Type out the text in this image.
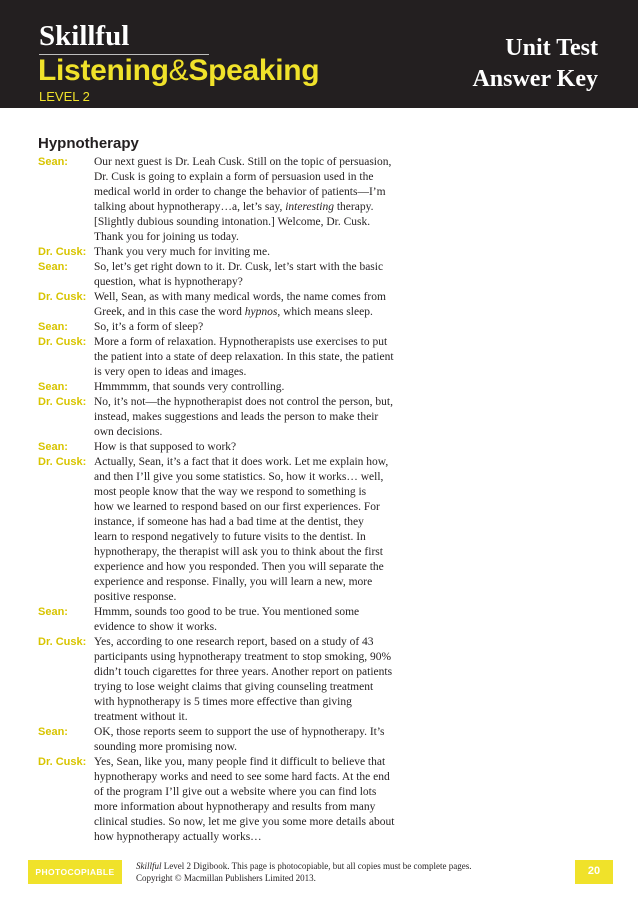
Skillful
Listening&Speaking
LEVEL 2
Unit Test
Answer Key
Hypnotherapy
Sean:	Our next guest is Dr. Leah Cusk. Still on the topic of persuasion,
Dr. Cusk is going to explain a form of persuasion used in the
medical world in order to change the behavior of patients—I’m
talking about hypnotherapy…a, let’s say, interesting therapy.
[Slightly dubious sounding intonation.] Welcome, Dr. Cusk.
Thank you for joining us today.
Dr. Cusk: Thank you very much for inviting me.
Sean:	So, let’s get right down to it. Dr. Cusk, let’s start with the basic
question, what is hypnotherapy?
Dr. Cusk: Well, Sean, as with many medical words, the name comes from
Greek, and in this case the word hypnos, which means sleep.
Sean:	So, it’s a form of sleep?
Dr. Cusk: More a form of relaxation. Hypnotherapists use exercises to put
the patient into a state of deep relaxation. In this state, the patient
is very open to ideas and images.
Sean:	Hmmmmm, that sounds very controlling.
Dr. Cusk: No, it’s not—the hypnotherapist does not control the person, but,
instead, makes suggestions and leads the person to make their
own decisions.
Sean:	How is that supposed to work?
Dr. Cusk: Actually, Sean, it’s a fact that it does work. Let me explain how,
and then I’ll give you some statistics. So, how it works… well,
most people know that the way we respond to something is
how we learned to respond based on our first experiences. For
instance, if someone has had a bad time at the dentist, they
learn to respond negatively to future visits to the dentist. In
hypnotherapy, the therapist will ask you to think about the first
experience and how you responded. Then you will separate the
experience and response. Finally, you will learn a new, more
positive response.
Sean:	Hmmm, sounds too good to be true. You mentioned some
evidence to show it works.
Dr. Cusk: Yes, according to one research report, based on a study of 43
participants using hypnotherapy treatment to stop smoking, 90%
didn’t touch cigarettes for three years. Another report on patients
trying to lose weight claims that giving counseling treatment
with hypnotherapy is 5 times more effective than giving
treatment without it.
Sean:	OK, those reports seem to support the use of hypnotherapy. It’s
sounding more promising now.
Dr. Cusk: Yes, Sean, like you, many people find it difficult to believe that
hypnotherapy works and need to see some hard facts. At the end
of the program I’ll give out a website where you can find lots
more information about hypnotherapy and results from many
clinical studies. So now, let me give you some more details about
how hypnotherapy actually works…
PHOTOCOPIABLE
Skillful Level 2 Digibook. This page is photocopiable, but all copies must be complete pages.
Copyright © Macmillan Publishers Limited 2013.
20
